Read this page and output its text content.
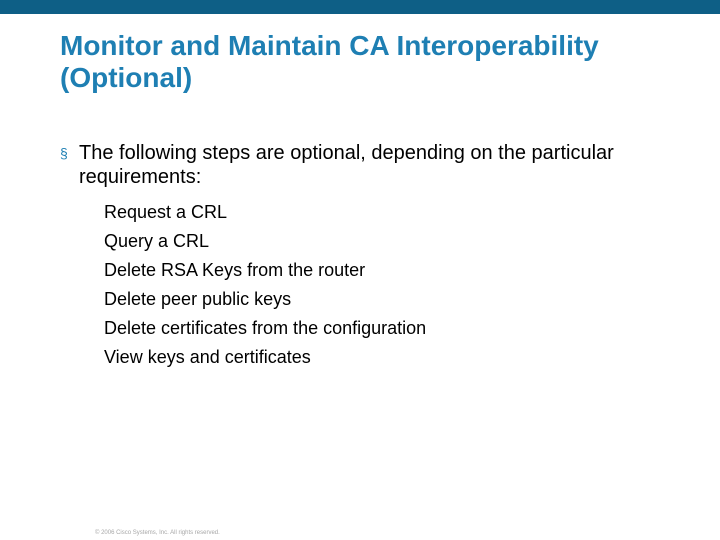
Monitor and Maintain CA Interoperability
(Optional)
§ The following steps are optional, depending on the particular requirements:
Request a CRL
Query a CRL
Delete RSA Keys from the router
Delete peer public keys
Delete certificates from the configuration
View keys and certificates
© 2006 Cisco Systems, Inc. All rights reserved.
